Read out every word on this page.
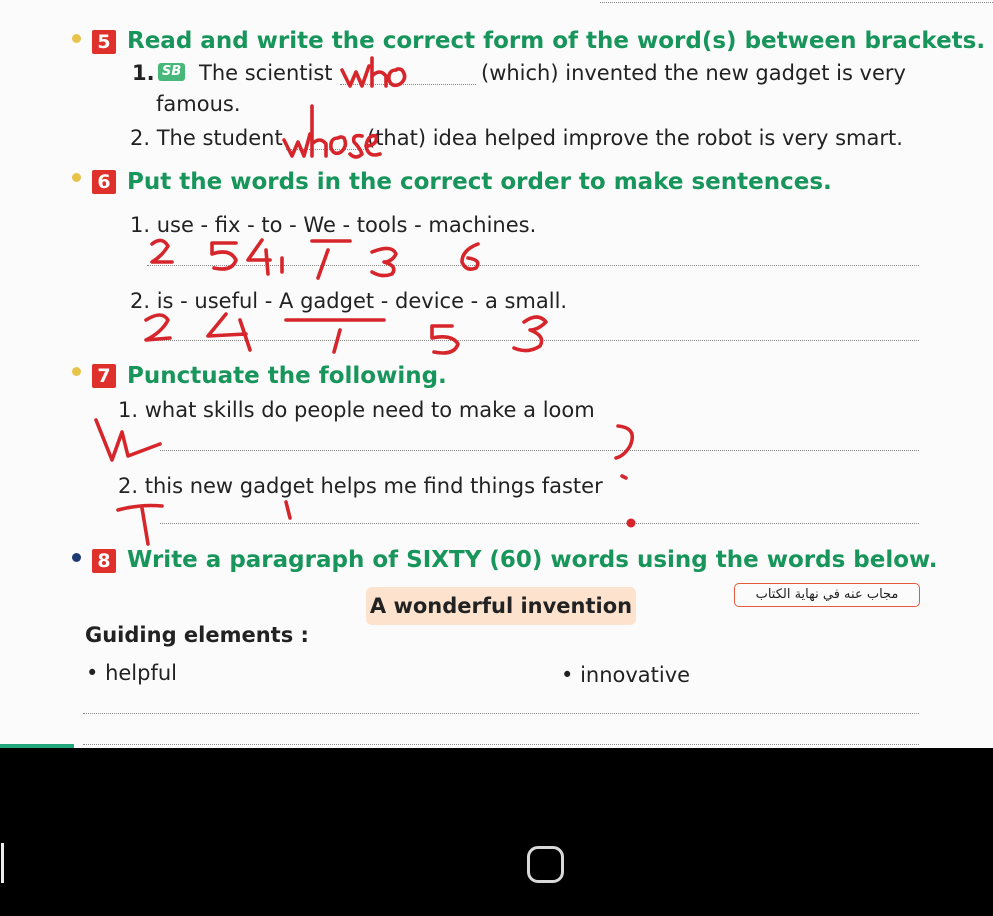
5 Read and write the correct form of the word(s) between brackets.
1. SB The scientist	(which) invented the new gadget is very
famous.
2. The student	(that) idea helped improve the robot is very smart.
6 Put the words in the correct order to make sentences.
1. use - fix - to - We - tools - machines.
2. is - useful - A gadget - device - a small.
7 Punctuate the following.
1. what skills do people need to make a loom
2. this new gadget helps me find things faster
8 Write a paragraph of SIXTY (60) words using the words below.
A wonderful invention	مجاب عنه في نهاية الكتاب
Guiding elements :
• helpful	• innovative
